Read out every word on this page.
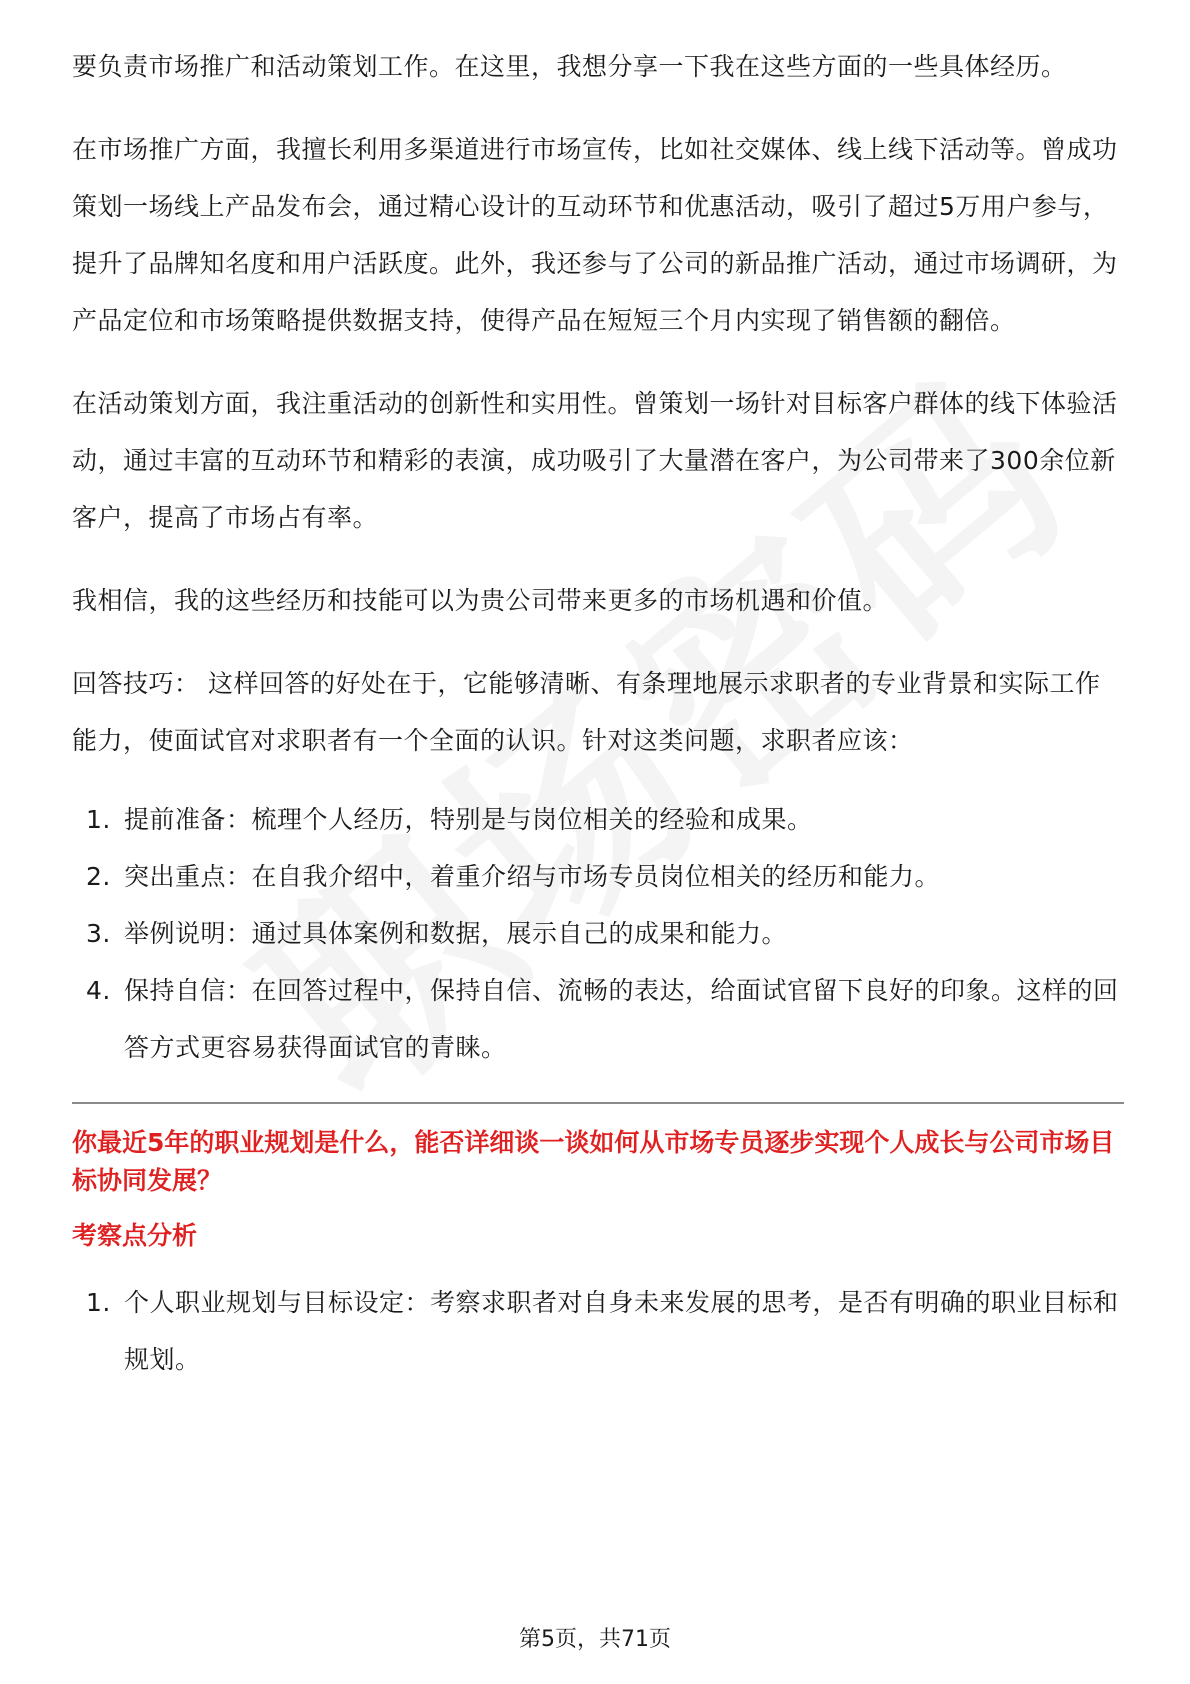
要负责市场推广和活动策划工作。在这里，我想分享一下我在这些方面的一些具体经历。

在市场推广方面，我擅长利用多渠道进行市场宣传，比如社交媒体、线上线下活动等。曾成功策划一场线上产品发布会，通过精心设计的互动环节和优惠活动，吸引了超过5万用户参与，提升了品牌知名度和用户活跃度。此外，我还参与了公司的新品推广活动，通过市场调研，为产品定位和市场策略提供数据支持，使得产品在短短三个月内实现了销售额的翻倍。

在活动策划方面，我注重活动的创新性和实用性。曾策划一场针对目标客户群体的线下体验活动，通过丰富的互动环节和精彩的表演，成功吸引了大量潜在客户，为公司带来了300余位新客户，提高了市场占有率。

我相信，我的这些经历和技能可以为贵公司带来更多的市场机遇和价值。

回答技巧： 这样回答的好处在于，它能够清晰、有条理地展示求职者的专业背景和实际工作能力，使面试官对求职者有一个全面的认识。针对这类问题，求职者应该：

1. 提前准备：梳理个人经历，特别是与岗位相关的经验和成果。
2. 突出重点：在自我介绍中，着重介绍与市场专员岗位相关的经历和能力。
3. 举例说明：通过具体案例和数据，展示自己的成果和能力。
4. 保持自信：在回答过程中，保持自信、流畅的表达，给面试官留下良好的印象。这样的回答方式更容易获得面试官的青睐。

你最近5年的职业规划是什么，能否详细谈一谈如何从市场专员逐步实现个人成长与公司市场目标协同发展？

考察点分析

1. 个人职业规划与目标设定：考察求职者对自身未来发展的思考，是否有明确的职业目标和规划。
第5页，共71页
